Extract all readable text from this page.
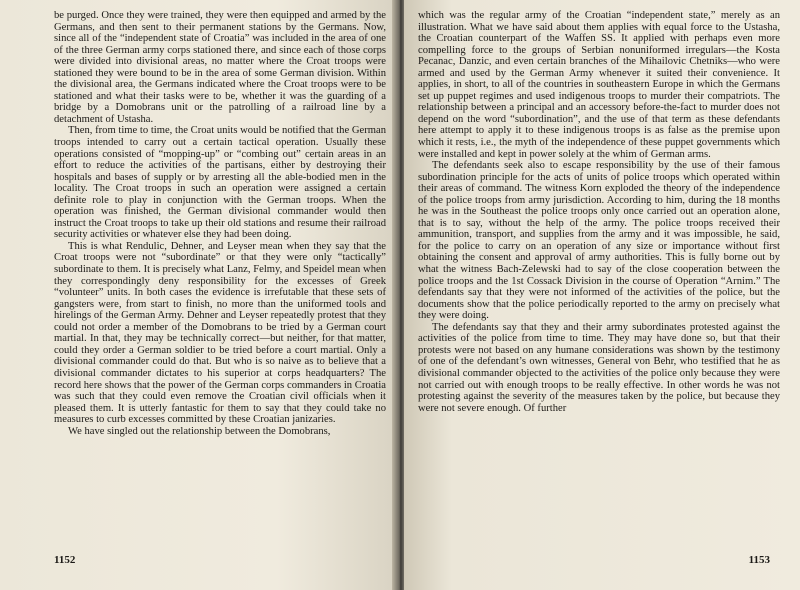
be purged. Once they were trained, they were then equipped and armed by the Germans, and then sent to their permanent stations by the Germans. Now, since all of the “independent state of Croatia” was included in the area of one of the three German army corps stationed there, and since each of those corps were divided into divisional areas, no matter where the Croat troops were stationed they were bound to be in the area of some German division. Within the divisional area, the Germans indicated where the Croat troops were to be stationed and what their tasks were to be, whether it was the guarding of a bridge by a Domobrans unit or the patrolling of a railroad line by a detachment of Ustasha.

Then, from time to time, the Croat units would be notified that the German troops intended to carry out a certain tactical operation. Usually these operations consisted of “mopping-up” or “combing out” certain areas in an effort to reduce the activities of the partisans, either by destroying their hospitals and bases of supply or by arresting all the able-bodied men in the locality. The Croat troops in such an operation were assigned a certain definite role to play in conjunction with the German troops. When the operation was finished, the German divisional commander would then instruct the Croat troops to take up their old stations and resume their railroad security activities or whatever else they had been doing.

This is what Rendulic, Dehner, and Leyser mean when they say that the Croat troops were not “subordinate” or that they were only “tactically” subordinate to them. It is precisely what Lanz, Felmy, and Speidel mean when they correspondingly deny responsibility for the excesses of Greek “volunteer” units. In both cases the evidence is irrefutable that these sets of gangsters were, from start to finish, no more than the uniformed tools and hirelings of the German Army. Dehner and Leyser repeatedly protest that they could not order a member of the Domobrans to be tried by a German court martial. In that, they may be technically correct—but neither, for that matter, could they order a German soldier to be tried before a court martial. Only a divisional commander could do that. But who is so naive as to believe that a divisional commander dictates to his superior at corps headquarters? The record here shows that the power of the German corps commanders in Croatia was such that they could even remove the Croatian civil officials when it pleased them. It is utterly fantastic for them to say that they could take no measures to curb excesses committed by these Croatian janizaries.

We have singled out the relationship between the Domobrans,

1152

which was the regular army of the Croatian “independent state,” merely as an illustration. What we have said about them applies with equal force to the Ustasha, the Croatian counterpart of the Waffen SS. It applied with perhaps even more compelling force to the groups of Serbian nonuniformed irregulars—the Kosta Pecanac, Danzic, and even certain branches of the Mihailovic Chetniks—who were armed and used by the German Army whenever it suited their convenience. It applies, in short, to all of the countries in southeastern Europe in which the Germans set up puppet regimes and used indigenous troops to murder their compatriots. The relationship between a principal and an accessory before-the-fact to murder does not depend on the word “subordination”, and the use of that term as these defendants here attempt to apply it to these indigenous troops is as false as the premise upon which it rests, i.e., the myth of the independence of these puppet governments which were installed and kept in power solely at the whim of German arms.

The defendants seek also to escape responsibility by the use of their famous subordination principle for the acts of units of police troops which operated within their areas of command. The witness Korn exploded the theory of the independence of the police troops from army jurisdiction. According to him, during the 18 months he was in the Southeast the police troops only once carried out an operation alone, that is to say, without the help of the army. The police troops received their ammunition, transport, and supplies from the army and it was impossible, he said, for the police to carry on an operation of any size or importance without first obtaining the consent and approval of army authorities. This is fully borne out by what the witness Bach-Zelewski had to say of the close cooperation between the police troops and the 1st Cossack Division in the course of Operation “Arnim.” The defendants say that they were not informed of the activities of the police, but the documents show that the police periodically reported to the army on precisely what they were doing.

The defendants say that they and their army subordinates protested against the activities of the police from time to time. They may have done so, but that their protests were not based on any humane considerations was shown by the testimony of one of the defendant’s own witnesses, General von Behr, who testified that he as divisional commander objected to the activities of the police only because they were not carried out with enough troops to be really effective. In other words he was not protesting against the severity of the measures taken by the police, but because they were not severe enough. Of further

1153
